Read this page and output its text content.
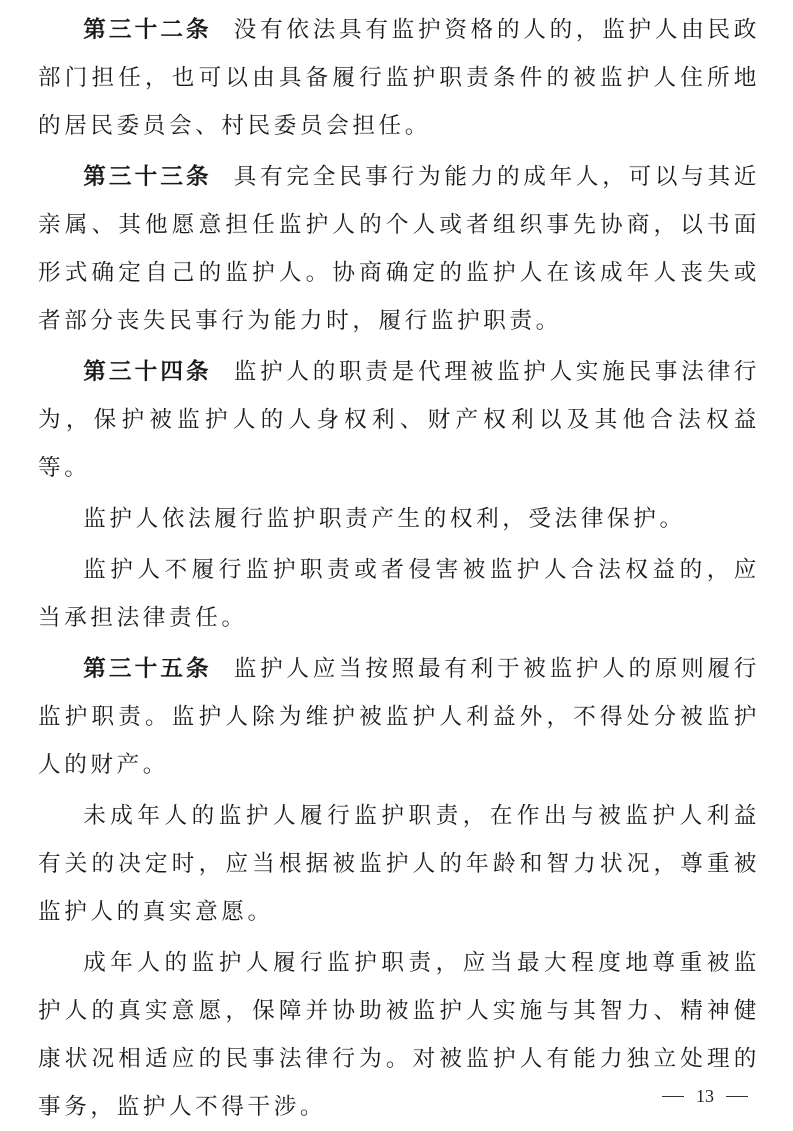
第三十二条 没有依法具有监护资格的人的，监护人由民政部门担任，也可以由具备履行监护职责条件的被监护人住所地的居民委员会、村民委员会担任。

第三十三条 具有完全民事行为能力的成年人，可以与其近亲属、其他愿意担任监护人的个人或者组织事先协商，以书面形式确定自己的监护人。协商确定的监护人在该成年人丧失或者部分丧失民事行为能力时，履行监护职责。

第三十四条 监护人的职责是代理被监护人实施民事法律行为，保护被监护人的人身权利、财产权利以及其他合法权益等。

监护人依法履行监护职责产生的权利，受法律保护。

监护人不履行监护职责或者侵害被监护人合法权益的，应当承担法律责任。

第三十五条 监护人应当按照最有利于被监护人的原则履行监护职责。监护人除为维护被监护人利益外，不得处分被监护人的财产。

未成年人的监护人履行监护职责，在作出与被监护人利益有关的决定时，应当根据被监护人的年龄和智力状况，尊重被监护人的真实意愿。

成年人的监护人履行监护职责，应当最大程度地尊重被监护人的真实意愿，保障并协助被监护人实施与其智力、精神健康状况相适应的民事法律行为。对被监护人有能力独立处理的事务，监护人不得干涉。	13
